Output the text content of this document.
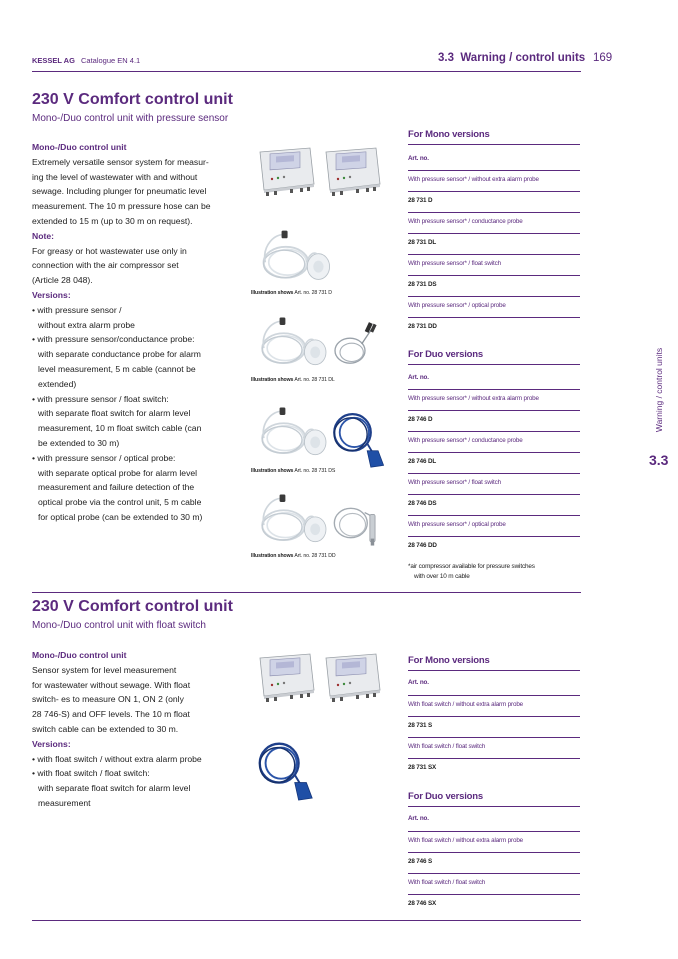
KESSEL AG Catalogue EN 4.1	3.3  Warning / control units 169
Warning / control units
3.3
230 V Comfort control unit
Mono-/Duo control unit with pressure sensor
Mono-/Duo control unit
Extremely versatile sensor system for measur-
ing the level of wastewater with and without
sewage. Including plunger for pneumatic level
measurement. The 10 m pressure hose can be
extended to 15 m (up to 30 m on request).
Note:
For greasy or hot wastewater use only in
connection with the air compressor set
(Article 28 048).
Versions:
• with pressure sensor /
without extra alarm probe
• with pressure sensor/conductance probe:
with separate conductance probe for alarm
level measurement, 5 m cable (cannot be
extended)
• with pressure sensor / float switch:
with separate float switch for alarm level
measurement, 10 m float switch cable (can
be extended to 30 m)
• with pressure sensor / optical probe:
with separate optical probe for alarm level
measurement and failure detection of the
optical probe via the control unit, 5 m cable
for optical probe (can be extended to 30 m)
Illustration shows Art. no. 28 731 D
Illustration shows Art. no. 28 731 DL
Illustration shows Art. no. 28 731 DS
Illustration shows Art. no. 28 731 DD
For Mono versions
Art. no.
With pressure sensor* / without extra alarm probe
28 731 D
With pressure sensor* / conductance probe
28 731 DL
With pressure sensor* / float switch
28 731 DS
With pressure sensor* / optical probe
28 731 DD
For Duo versions
Art. no.
With pressure sensor* / without extra alarm probe
28 746 D
With pressure sensor* / conductance probe
28 746 DL
With pressure sensor* / float switch
28 746 DS
With pressure sensor* / optical probe
28 746 DD
*air compressor available for pressure switches
with over 10 m cable
230 V Comfort control unit
Mono-/Duo control unit with float switch
Mono-/Duo control unit
Sensor system for level measurement
for wastewater without sewage. With float
switch- es to measure ON 1, ON 2 (only
28 746-S) and OFF levels. The 10 m float
switch cable can be extended to 30 m.
Versions:
• with float switch / without extra alarm probe
• with float switch / float switch:
with separate float switch for alarm level
measurement
For Mono versions
Art. no.
With float switch / without extra alarm probe
28 731 S
With float switch / float switch
28 731 SX
For Duo versions
Art. no.
With float switch / without extra alarm probe
28 746 S
With float switch / float switch
28 746 SX
